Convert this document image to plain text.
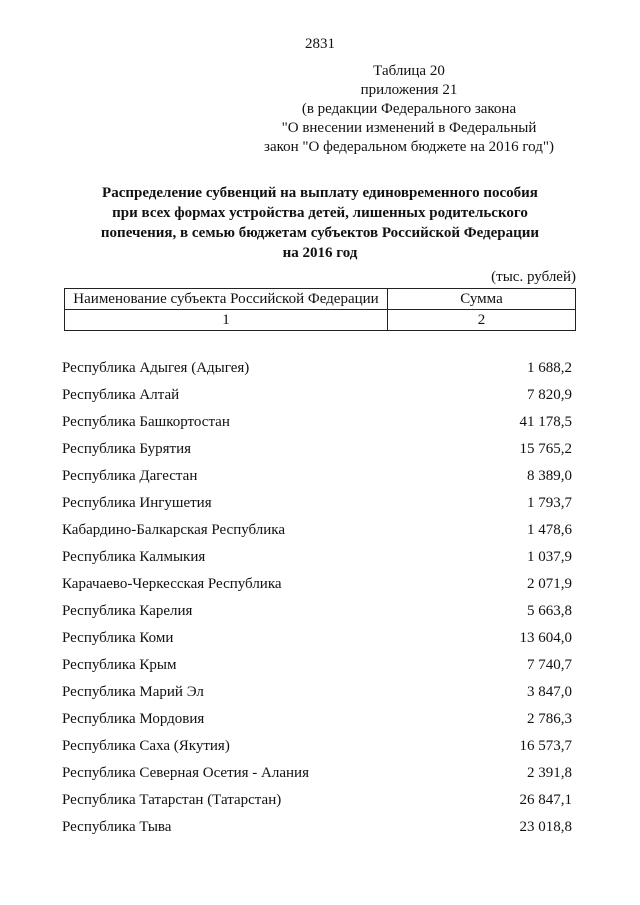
2831
Таблица 20
приложения 21
(в редакции Федерального закона
"О внесении изменений в Федеральный
закон "О федеральном бюджете на 2016 год")
Распределение субвенций на выплату единовременного пособия
при всех формах устройства детей, лишенных родительского
попечения, в семью бюджетам субъектов Российской Федерации
на 2016 год
(тыс. рублей)
Наименование субъекта Российской Федерации	Сумма
1	2
Республика Адыгея (Адыгея)	1 688,2
Республика Алтай	7 820,9
Республика Башкортостан	41 178,5
Республика Бурятия	15 765,2
Республика Дагестан	8 389,0
Республика Ингушетия	1 793,7
Кабардино-Балкарская Республика	1 478,6
Республика Калмыкия	1 037,9
Карачаево-Черкесская Республика	2 071,9
Республика Карелия	5 663,8
Республика Коми	13 604,0
Республика Крым	7 740,7
Республика Марий Эл	3 847,0
Республика Мордовия	2 786,3
Республика Саха (Якутия)	16 573,7
Республика Северная Осетия - Алания	2 391,8
Республика Татарстан (Татарстан)	26 847,1
Республика Тыва	23 018,8
